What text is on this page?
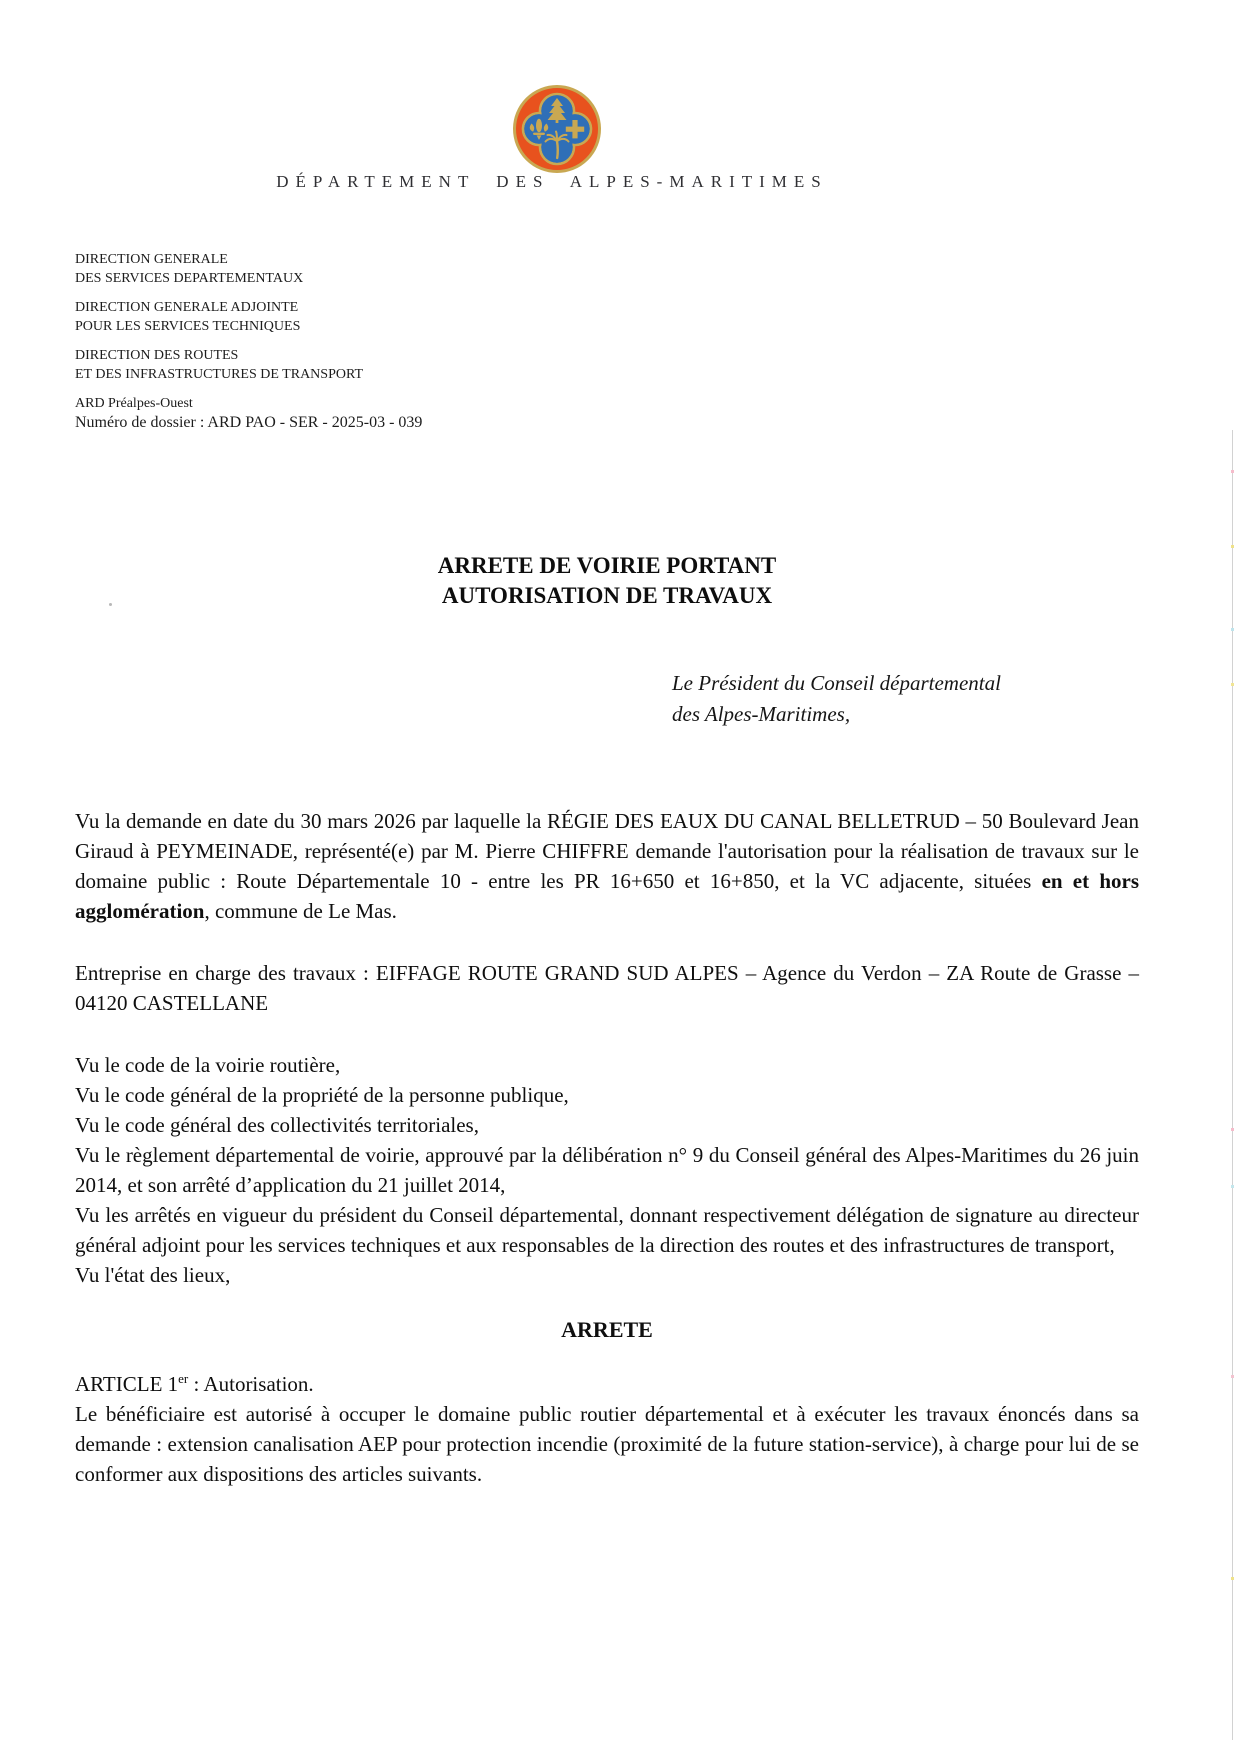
DÉPARTEMENT DES ALPES-MARITIMES
DIRECTION GENERALE
DES SERVICES DEPARTEMENTAUX
DIRECTION GENERALE ADJOINTE
POUR LES SERVICES TECHNIQUES
DIRECTION DES ROUTES
ET DES INFRASTRUCTURES DE TRANSPORT
ARD Préalpes-Ouest
Numéro de dossier : ARD PAO - SER - 2025-03 - 039
ARRETE DE VOIRIE PORTANT
AUTORISATION DE TRAVAUX
Le Président du Conseil départemental
des Alpes-Maritimes,

Vu la demande en date du 30 mars 2026 par laquelle la RÉGIE DES EAUX DU CANAL BELLETRUD – 50 Boulevard Jean Giraud à PEYMEINADE, représenté(e) par M. Pierre CHIFFRE demande l'autorisation pour la réalisation de travaux sur le domaine public : Route Départementale 10 - entre les PR 16+650 et 16+850, et la VC adjacente, situées en et hors agglomération, commune de Le Mas.

Entreprise en charge des travaux : EIFFAGE ROUTE GRAND SUD ALPES – Agence du Verdon – ZA Route de Grasse – 04120 CASTELLANE

Vu le code de la voirie routière,

Vu le code général de la propriété de la personne publique,

Vu le code général des collectivités territoriales,

Vu le règlement départemental de voirie, approuvé par la délibération n° 9 du Conseil général des Alpes-Maritimes du 26 juin 2014, et son arrêté d’application du 21 juillet 2014,

Vu les arrêtés en vigueur du président du Conseil départemental, donnant respectivement délégation de signature au directeur général adjoint pour les services techniques et aux responsables de la direction des routes et des infrastructures de transport,

Vu l'état des lieux,

ARRETE

ARTICLE 1er : Autorisation.

Le bénéficiaire est autorisé à occuper le domaine public routier départemental et à exécuter les travaux énoncés dans sa demande : extension canalisation AEP pour protection incendie (proximité de la future station-service), à charge pour lui de se conformer aux dispositions des articles suivants.
